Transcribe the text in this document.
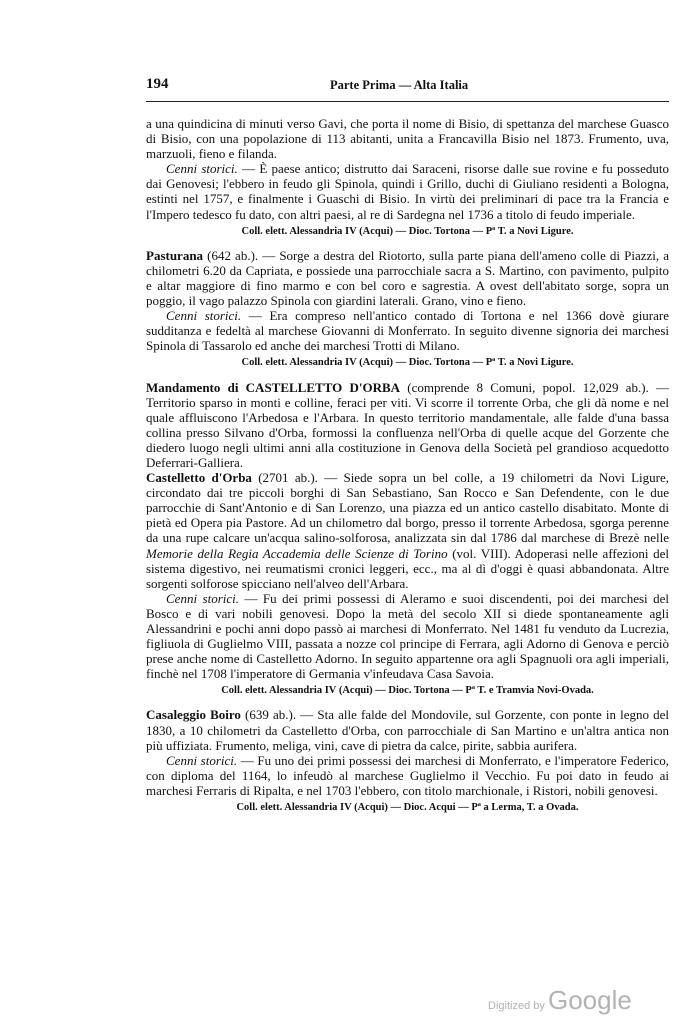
194	Parte Prima — Alta Italia

a una quindicina di minuti verso Gavi, che porta il nome di Bisio, di spettanza del marchese Guasco di Bisio, con una popolazione di 113 abitanti, unita a Francavilla Bisio nel 1873. Frumento, uva, marzuoli, fieno e filanda.

Cenni storici. — È paese antico; distrutto dai Saraceni, risorse dalle sue rovine e fu posseduto dai Genovesi; l'ebbero in feudo gli Spinola, quindi i Grillo, duchi di Giuliano residenti a Bologna, estinti nel 1757, e finalmente i Guaschi di Bisio. In virtù dei preliminari di pace tra la Francia e l'Impero tedesco fu dato, con altri paesi, al re di Sardegna nel 1736 a titolo di feudo imperiale.

Coll. elett. Alessandria IV (Acqui) — Dioc. Tortona — Pª T. a Novi Ligure.

Pasturana (642 ab.). — Sorge a destra del Riotorto, sulla parte piana dell'ameno colle di Piazzi, a chilometri 6.20 da Capriata, e possiede una parrocchiale sacra a S. Martino, con pavimento, pulpito e altar maggiore di fino marmo e con bel coro e sagrestia. A ovest dell'abitato sorge, sopra un poggio, il vago palazzo Spinola con giardini laterali. Grano, vino e fieno.

Cenni storici. — Era compreso nell'antico contado di Tortona e nel 1366 dovè giurare sudditanza e fedeltà al marchese Giovanni di Monferrato. In seguito divenne signoria dei marchesi Spinola di Tassarolo ed anche dei marchesi Trotti di Milano.

Coll. elett. Alessandria IV (Acqui) — Dioc. Tortona — Pª T. a Novi Ligure.

Mandamento di CASTELLETTO D'ORBA (comprende 8 Comuni, popol. 12,029 ab.). — Territorio sparso in monti e colline, feraci per viti. Vi scorre il torrente Orba, che gli dà nome e nel quale affluiscono l'Arbedosa e l'Arbara. In questo territorio mandamentale, alle falde d'una bassa collina presso Silvano d'Orba, formossi la confluenza nell'Orba di quelle acque del Gorzente che diedero luogo negli ultimi anni alla costituzione in Genova della Società pel grandioso acquedotto Deferrari-Galliera.

Castelletto d'Orba (2701 ab.). — Siede sopra un bel colle, a 19 chilometri da Novi Ligure, circondato dai tre piccoli borghi di San Sebastiano, San Rocco e San Defendente, con le due parrocchie di Sant'Antonio e di San Lorenzo, una piazza ed un antico castello disabitato. Monte di pietà ed Opera pia Pastore. Ad un chilometro dal borgo, presso il torrente Arbedosa, sgorga perenne da una rupe calcare un'acqua salino-solforosa, analizzata sin dal 1786 dal marchese di Brezè nelle Memorie della Regia Accademia delle Scienze di Torino (vol. VIII). Adoperasi nelle affezioni del sistema digestivo, nei reumatismi cronici leggeri, ecc., ma al dì d'oggi è quasi abbandonata. Altre sorgenti solforose spicciano nell'alveo dell'Arbara.

Cenni storici. — Fu dei primi possessi di Aleramo e suoi discendenti, poi dei marchesi del Bosco e di vari nobili genovesi. Dopo la metà del secolo XII si diede spontaneamente agli Alessandrini e pochi anni dopo passò ai marchesi di Monferrato. Nel 1481 fu venduto da Lucrezia, figliuola di Guglielmo VIII, passata a nozze col principe di Ferrara, agli Adorno di Genova e perciò prese anche nome di Castelletto Adorno. In seguito appartenne ora agli Spagnuoli ora agli imperiali, finchè nel 1708 l'imperatore di Germania v'infeudava Casa Savoia.

Coll. elett. Alessandria IV (Acqui) — Dioc. Tortona — Pª T. e Tramvia Novi-Ovada.

Casaleggio Boiro (639 ab.). — Sta alle falde del Mondovile, sul Gorzente, con ponte in legno del 1830, a 10 chilometri da Castelletto d'Orba, con parrocchiale di San Martino e un'altra antica non più uffiziata. Frumento, meliga, vini, cave di pietra da calce, pirite, sabbia aurifera.

Cenni storici. — Fu uno dei primi possessi dei marchesi di Monferrato, e l'imperatore Federico, con diploma del 1164, lo infeudò al marchese Guglielmo il Vecchio. Fu poi dato in feudo ai marchesi Ferraris di Ripalta, e nel 1703 l'ebbero, con titolo marchionale, i Ristori, nobili genovesi.

Coll. elett. Alessandria IV (Acqui) — Dioc. Acqui — Pª a Lerma, T. a Ovada.

Digitized by Google
